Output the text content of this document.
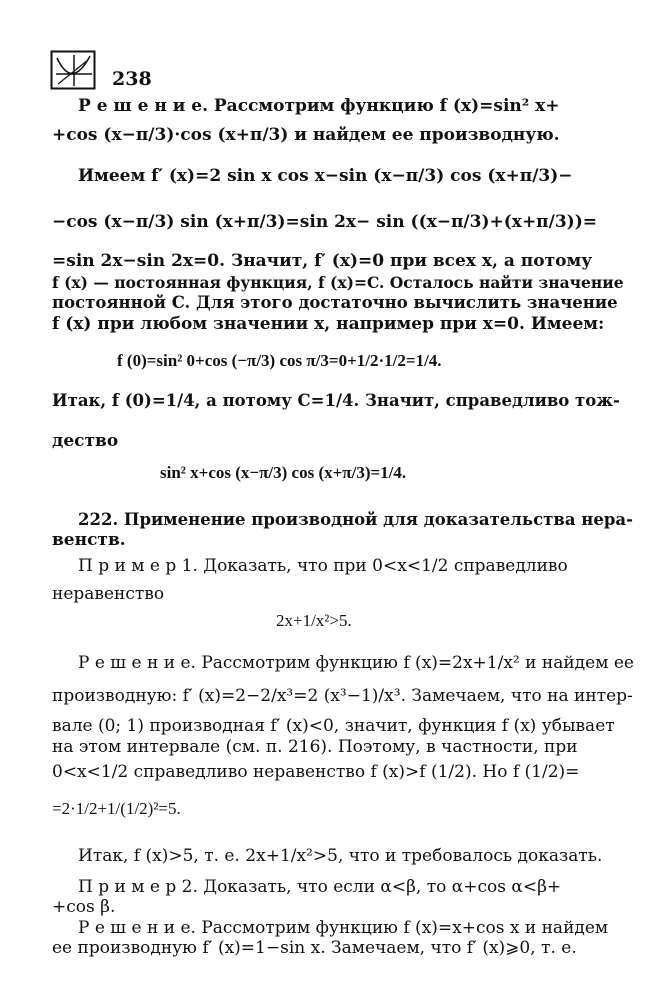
238
Р е ш е н и е. Рассмотрим функцию f (x)=sin² x+
+cos (x−π/3)·cos (x+π/3) и найдем ее производную.
Имеем f′ (x)=2 sin x cos x−sin (x−π/3) cos (x+π/3)−
−cos (x−π/3) sin (x+π/3)=sin 2x− sin ((x−π/3)+(x+π/3))=
=sin 2x−sin 2x=0. Значит, f′ (x)=0 при всех x, а потому
f (x) — постоянная функция, f (x)=C. Осталось найти значение
постоянной C. Для этого достаточно вычислить значение
f (x) при любом значении x, например при x=0. Имеем:
f (0)=sin² 0+cos (−π/3) cos π/3=0+1/2·1/2=1/4.
Итак, f (0)=1/4, а потому C=1/4. Значит, справедливо тож-
дество
sin² x+cos (x−π/3) cos (x+π/3)=1/4.
222. Применение производной для доказательства нера-
венств.
П р и м е р 1. Доказать, что при 0<x<1/2 справедливо
неравенство
2x+1/x²>5.
Р е ш е н и е. Рассмотрим функцию f (x)=2x+1/x² и найдем ее
производную: f′ (x)=2−2/x³=2 (x³−1)/x³. Замечаем, что на интер-
вале (0; 1) производная f′ (x)<0, значит, функция f (x) убывает
на этом интервале (см. п. 216). Поэтому, в частности, при
0<x<1/2 справедливо неравенство f (x)>f (1/2). Но f (1/2)=
=2·1/2+1/(1/2)²=5.
Итак, f (x)>5, т. е. 2x+1/x²>5, что и требовалось доказать.
П р и м е р 2. Доказать, что если α<β, то α+cos α<β+
+cos β.
Р е ш е н и е. Рассмотрим функцию f (x)=x+cos x и найдем
ее производную f′ (x)=1−sin x. Замечаем, что f′ (x)⩾0, т. е.
